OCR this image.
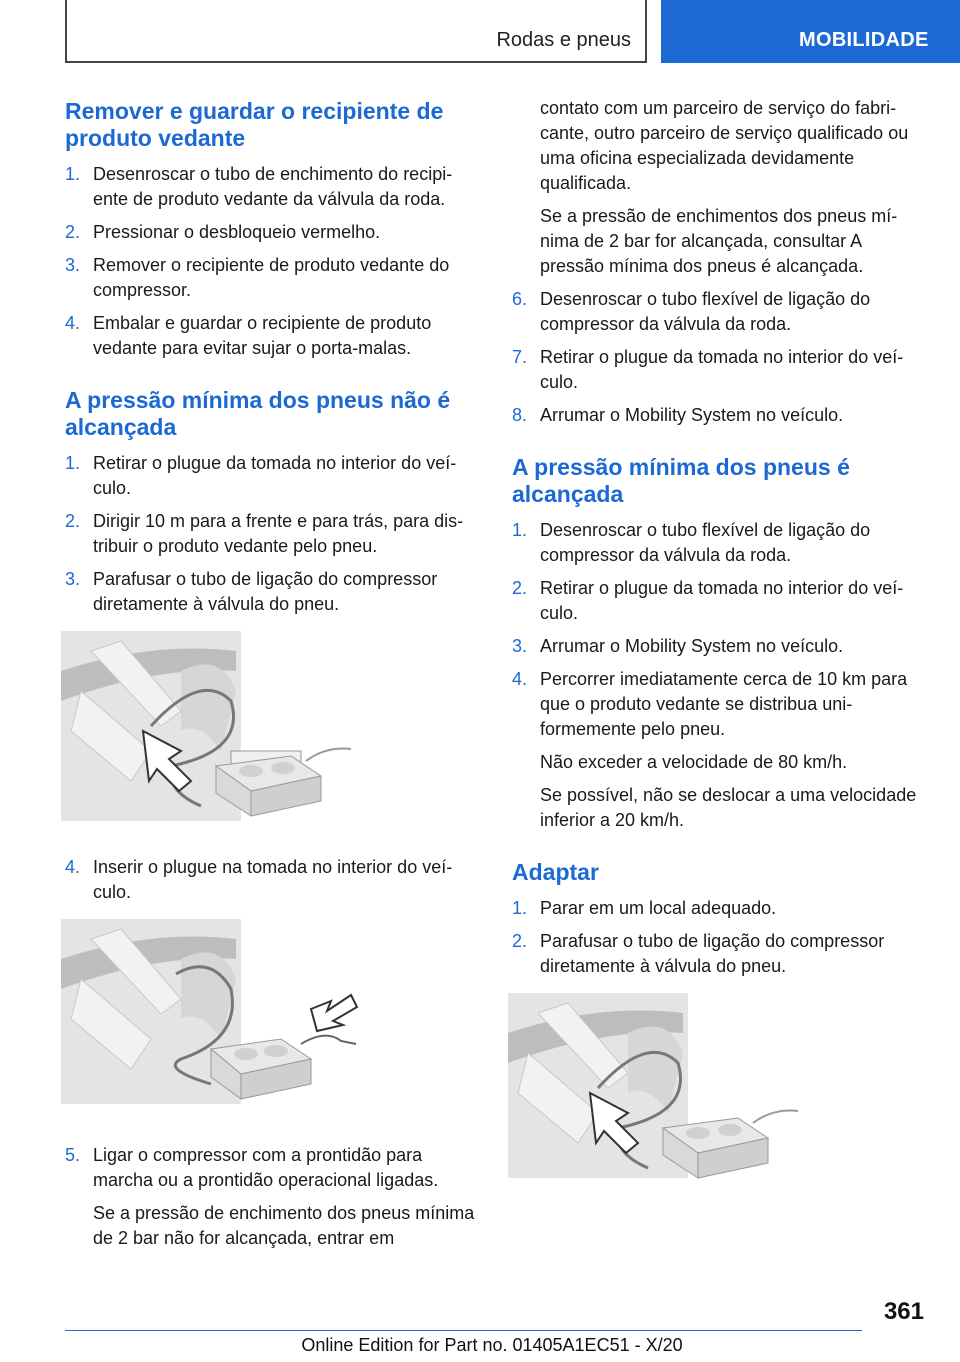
Rodas e pneus	MOBILIDADE
Remover e guardar o recipiente de produto vedante
1. Desenroscar o tubo de enchimento do recipiente de produto vedante da válvula da roda.
2. Pressionar o desbloqueio vermelho.
3. Remover o recipiente de produto vedante do compressor.
4. Embalar e guardar o recipiente de produto vedante para evitar sujar o porta-malas.
A pressão mínima dos pneus não é alcançada
1. Retirar o plugue da tomada no interior do veículo.
2. Dirigir 10 m para a frente e para trás, para distribuir o produto vedante pelo pneu.
3. Parafusar o tubo de ligação do compressor diretamente à válvula do pneu.
4. Inserir o plugue na tomada no interior do veículo.
5. Ligar o compressor com a prontidão para marcha ou a prontidão operacional ligadas.
Se a pressão de enchimento dos pneus mínima de 2 bar não for alcançada, entrar em
contato com um parceiro de serviço do fabricante, outro parceiro de serviço qualificado ou uma oficina especializada devidamente qualificada.
Se a pressão de enchimentos dos pneus mínima de 2 bar for alcançada, consultar A pressão mínima dos pneus é alcançada.
6. Desenroscar o tubo flexível de ligação do compressor da válvula da roda.
7. Retirar o plugue da tomada no interior do veículo.
8. Arrumar o Mobility System no veículo.
A pressão mínima dos pneus é alcançada
1. Desenroscar o tubo flexível de ligação do compressor da válvula da roda.
2. Retirar o plugue da tomada no interior do veículo.
3. Arrumar o Mobility System no veículo.
4. Percorrer imediatamente cerca de 10 km para que o produto vedante se distribua uniformemente pelo pneu.
Não exceder a velocidade de 80 km/h.
Se possível, não se deslocar a uma velocidade inferior a 20 km/h.
Adaptar
1. Parar em um local adequado.
2. Parafusar o tubo de ligação do compressor diretamente à válvula do pneu.
361
Online Edition for Part no. 01405A1EC51 - X/20
